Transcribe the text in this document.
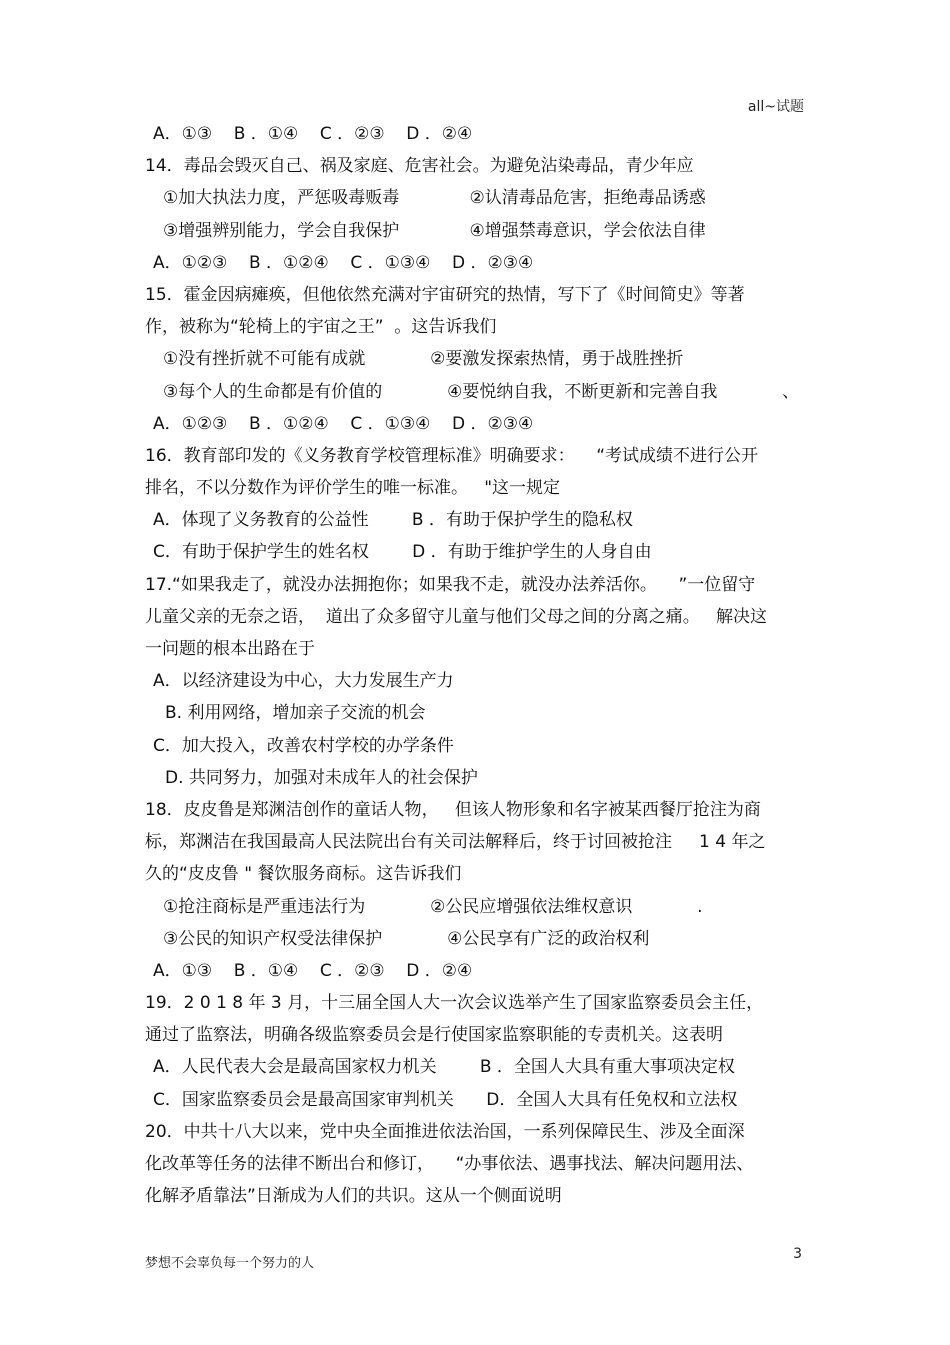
all~试题
A．①③    B ．①④    C ．②③    D ．②④
14．毒品会毁灭自己、祸及家庭、危害社会。为避免沾染毒品，青少年应
①加大执法力度，严惩吸毒贩毒             ②认清毒品危害，拒绝毒品诱惑
③增强辨别能力，学会自我保护             ④增强禁毒意识，学会依法自律
A．①②③    B ．①②④    C ．①③④    D ．②③④
15．霍金因病瘫痪，但他依然充满对宇宙研究的热情，写下了《时间简史》等著
作，被称为“轮椅上的宇宙之王”  。这告诉我们
①没有挫折就不可能有成就            ②要激发探索热情，勇于战胜挫折
③每个人的生命都是有价值的            ④要悦纳自我，不断更新和完善自我            、
A．①②③    B ．①②④    C ．①③④    D ．②③④
16．教育部印发的《义务教育学校管理标准》明确要求：    “考试成绩不进行公开
排名，不以分数作为评价学生的唯一标准。   "这一规定
A．体现了义务教育的公益性        B ．有助于保护学生的隐私权
C．有助于保护学生的姓名权        D ．有助于维护学生的人身自由
17.“如果我走了，就没办法拥抱你；如果我不走，就没办法养活你。    ”一位留守
儿童父亲的无奈之语，  道出了众多留守儿童与他们父母之间的分离之痛。   解决这
一问题的根本出路在于
A．以经济建设为中心，大力发展生产力
B. 利用网络，增加亲子交流的机会
C．加大投入，改善农村学校的办学条件
D. 共同努力，加强对未成年人的社会保护
18．皮皮鲁是郑渊洁创作的童话人物，   但该人物形象和名字被某西餐厅抢注为商
标，郑渊洁在我国最高人民法院出台有关司法解释后，终于讨回被抢注     1 4 年之
久的“皮皮鲁 " 餐饮服务商标。这告诉我们
①抢注商标是严重违法行为            ②公民应增强依法维权意识            .
③公民的知识产权受法律保护            ④公民享有广泛的政治权利
A．①③    B ．①④    C ．②③    D ．②④
19．2 0 1 8 年 3 月，十三届全国人大一次会议选举产生了国家监察委员会主任，
通过了监察法，明确各级监察委员会是行使国家监察职能的专责机关。这表明
A．人民代表大会是最高国家权力机关        B ．全国人大具有重大事项决定权
C．国家监察委员会是最高国家审判机关      D．全国人大具有任免权和立法权
20．中共十八大以来，党中央全面推进依法治国，一系列保障民生、涉及全面深
化改革等任务的法律不断出台和修订，    “办事依法、遇事找法、解决问题用法、
化解矛盾靠法”日渐成为人们的共识。这从一个侧面说明
梦想不会辜负每一个努力的人
3
